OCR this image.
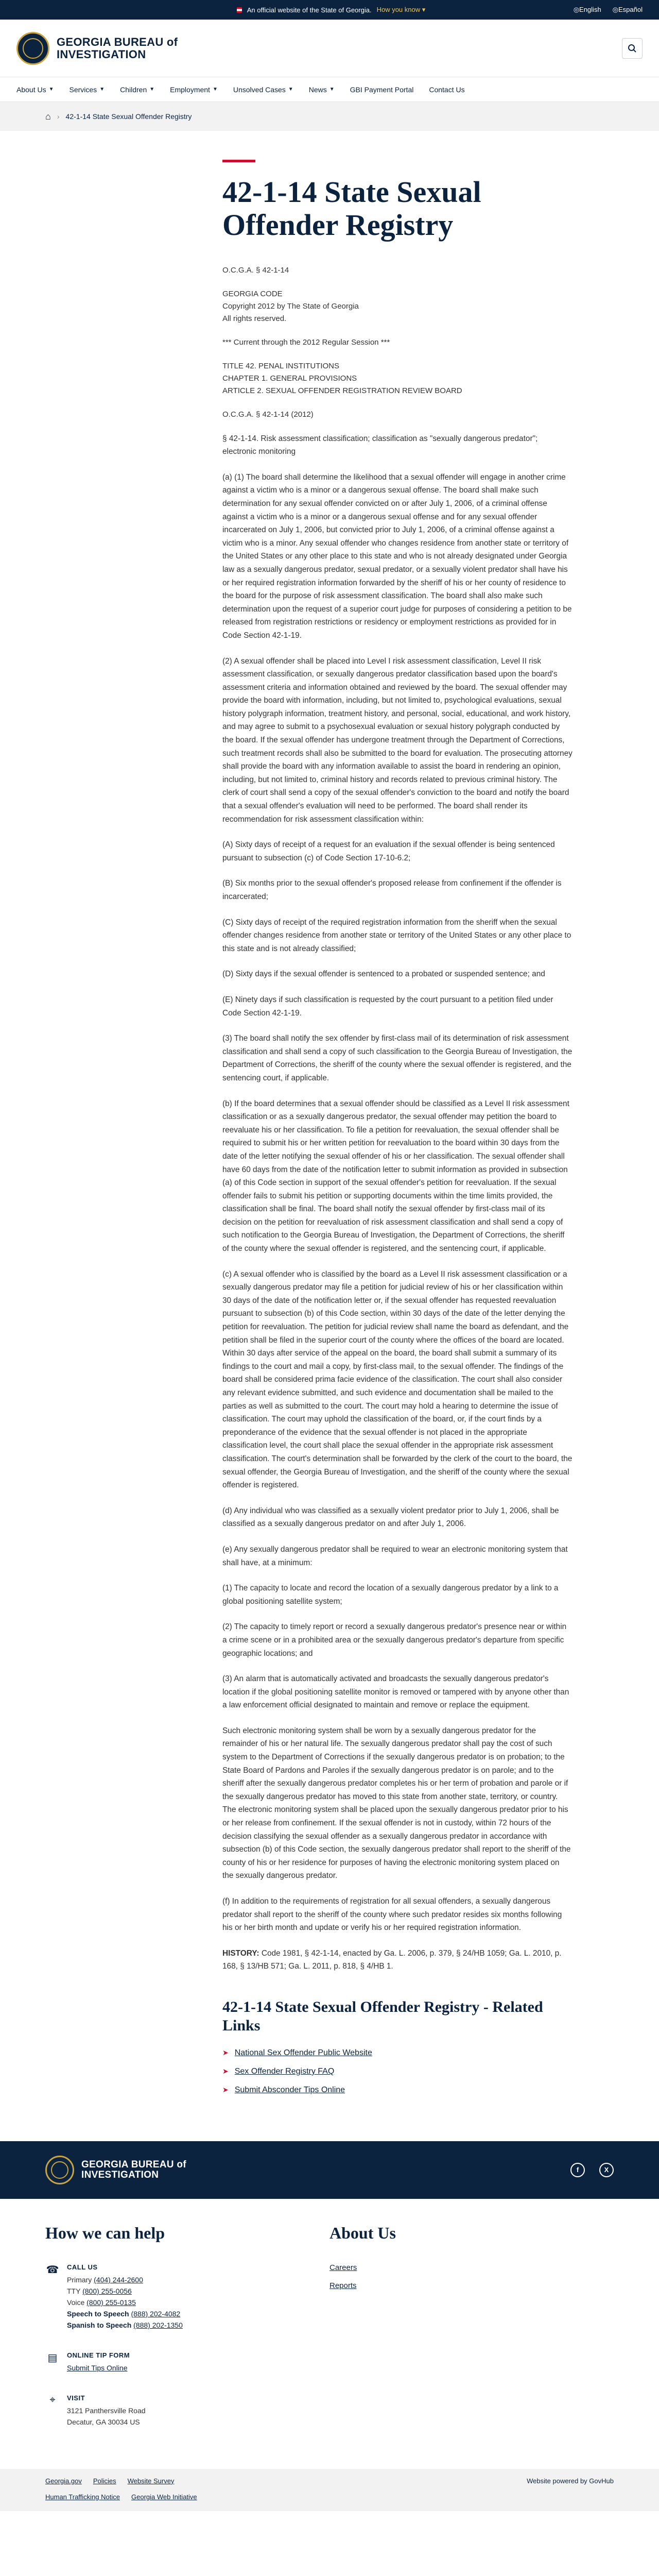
An official website of the State of Georgia. How you know ▾	◎English ◎Español
GEORGIA BUREAU of
INVESTIGATION
About Us ▼ Services ▼ Children ▼ Employment ▼ Unsolved Cases ▼ News ▼ GBI Payment Portal Contact Us
⌂ › 42-1-14 State Sexual Offender Registry
42-1-14 State Sexual Offender Registry

O.C.G.A. § 42-1-14

GEORGIA CODE

Copyright 2012 by The State of Georgia

All rights reserved.

*** Current through the 2012 Regular Session ***

TITLE 42. PENAL INSTITUTIONS

CHAPTER 1. GENERAL PROVISIONS

ARTICLE 2. SEXUAL OFFENDER REGISTRATION REVIEW BOARD

O.C.G.A. § 42-1-14 (2012)

§ 42-1-14. Risk assessment classification; classification as "sexually dangerous predator"; electronic monitoring

(a) (1) The board shall determine the likelihood that a sexual offender will engage in another crime against a victim who is a minor or a dangerous sexual offense. The board shall make such determination for any sexual offender convicted on or after July 1, 2006, of a criminal offense against a victim who is a minor or a dangerous sexual offense and for any sexual offender incarcerated on July 1, 2006, but convicted prior to July 1, 2006, of a criminal offense against a victim who is a minor. Any sexual offender who changes residence from another state or territory of the United States or any other place to this state and who is not already designated under Georgia law as a sexually dangerous predator, sexual predator, or a sexually violent predator shall have his or her required registration information forwarded by the sheriff of his or her county of residence to the board for the purpose of risk assessment classification. The board shall also make such determination upon the request of a superior court judge for purposes of considering a petition to be released from registration restrictions or residency or employment restrictions as provided for in Code Section 42-1-19.

(2) A sexual offender shall be placed into Level I risk assessment classification, Level II risk assessment classification, or sexually dangerous predator classification based upon the board's assessment criteria and information obtained and reviewed by the board. The sexual offender may provide the board with information, including, but not limited to, psychological evaluations, sexual history polygraph information, treatment history, and personal, social, educational, and work history, and may agree to submit to a psychosexual evaluation or sexual history polygraph conducted by the board. If the sexual offender has undergone treatment through the Department of Corrections, such treatment records shall also be submitted to the board for evaluation. The prosecuting attorney shall provide the board with any information available to assist the board in rendering an opinion, including, but not limited to, criminal history and records related to previous criminal history. The clerk of court shall send a copy of the sexual offender's conviction to the board and notify the board that a sexual offender's evaluation will need to be performed. The board shall render its recommendation for risk assessment classification within:

(A) Sixty days of receipt of a request for an evaluation if the sexual offender is being sentenced pursuant to subsection (c) of Code Section 17-10-6.2;

(B) Six months prior to the sexual offender's proposed release from confinement if the offender is incarcerated;

(C) Sixty days of receipt of the required registration information from the sheriff when the sexual offender changes residence from another state or territory of the United States or any other place to this state and is not already classified;

(D) Sixty days if the sexual offender is sentenced to a probated or suspended sentence; and

(E) Ninety days if such classification is requested by the court pursuant to a petition filed under Code Section 42-1-19.

(3) The board shall notify the sex offender by first-class mail of its determination of risk assessment classification and shall send a copy of such classification to the Georgia Bureau of Investigation, the Department of Corrections, the sheriff of the county where the sexual offender is registered, and the sentencing court, if applicable.

(b) If the board determines that a sexual offender should be classified as a Level II risk assessment classification or as a sexually dangerous predator, the sexual offender may petition the board to reevaluate his or her classification. To file a petition for reevaluation, the sexual offender shall be required to submit his or her written petition for reevaluation to the board within 30 days from the date of the letter notifying the sexual offender of his or her classification. The sexual offender shall have 60 days from the date of the notification letter to submit information as provided in subsection (a) of this Code section in support of the sexual offender's petition for reevaluation. If the sexual offender fails to submit his petition or supporting documents within the time limits provided, the classification shall be final. The board shall notify the sexual offender by first-class mail of its decision on the petition for reevaluation of risk assessment classification and shall send a copy of such notification to the Georgia Bureau of Investigation, the Department of Corrections, the sheriff of the county where the sexual offender is registered, and the sentencing court, if applicable.

(c) A sexual offender who is classified by the board as a Level II risk assessment classification or a sexually dangerous predator may file a petition for judicial review of his or her classification within 30 days of the date of the notification letter or, if the sexual offender has requested reevaluation pursuant to subsection (b) of this Code section, within 30 days of the date of the letter denying the petition for reevaluation. The petition for judicial review shall name the board as defendant, and the petition shall be filed in the superior court of the county where the offices of the board are located. Within 30 days after service of the appeal on the board, the board shall submit a summary of its findings to the court and mail a copy, by first-class mail, to the sexual offender. The findings of the board shall be considered prima facie evidence of the classification. The court shall also consider any relevant evidence submitted, and such evidence and documentation shall be mailed to the parties as well as submitted to the court. The court may hold a hearing to determine the issue of classification. The court may uphold the classification of the board, or, if the court finds by a preponderance of the evidence that the sexual offender is not placed in the appropriate classification level, the court shall place the sexual offender in the appropriate risk assessment classification. The court's determination shall be forwarded by the clerk of the court to the board, the sexual offender, the Georgia Bureau of Investigation, and the sheriff of the county where the sexual offender is registered.

(d) Any individual who was classified as a sexually violent predator prior to July 1, 2006, shall be classified as a sexually dangerous predator on and after July 1, 2006.

(e) Any sexually dangerous predator shall be required to wear an electronic monitoring system that shall have, at a minimum:

(1) The capacity to locate and record the location of a sexually dangerous predator by a link to a global positioning satellite system;

(2) The capacity to timely report or record a sexually dangerous predator's presence near or within a crime scene or in a prohibited area or the sexually dangerous predator's departure from specific geographic locations; and

(3) An alarm that is automatically activated and broadcasts the sexually dangerous predator's location if the global positioning satellite monitor is removed or tampered with by anyone other than a law enforcement official designated to maintain and remove or replace the equipment.

Such electronic monitoring system shall be worn by a sexually dangerous predator for the remainder of his or her natural life. The sexually dangerous predator shall pay the cost of such system to the Department of Corrections if the sexually dangerous predator is on probation; to the State Board of Pardons and Paroles if the sexually dangerous predator is on parole; and to the sheriff after the sexually dangerous predator completes his or her term of probation and parole or if the sexually dangerous predator has moved to this state from another state, territory, or country. The electronic monitoring system shall be placed upon the sexually dangerous predator prior to his or her release from confinement. If the sexual offender is not in custody, within 72 hours of the decision classifying the sexual offender as a sexually dangerous predator in accordance with subsection (b) of this Code section, the sexually dangerous predator shall report to the sheriff of the county of his or her residence for purposes of having the electronic monitoring system placed on the sexually dangerous predator.

(f) In addition to the requirements of registration for all sexual offenders, a sexually dangerous predator shall report to the sheriff of the county where such predator resides six months following his or her birth month and update or verify his or her required registration information.

HISTORY: Code 1981, § 42-1-14, enacted by Ga. L. 2006, p. 379, § 24/HB 1059; Ga. L. 2010, p. 168, § 13/HB 571; Ga. L. 2011, p. 818, § 4/HB 1.
42-1-14 State Sexual Offender Registry - Related Links
➤ National Sex Offender Public Website
➤ Sex Offender Registry FAQ
➤ Submit Absconder Tips Online
GEORGIA BUREAU of
INVESTIGATION	f	X
How we can help
☎ CALL US
Primary (404) 244-2600
TTY (800) 255-0056
Voice (800) 255-0135
Speech to Speech (888) 202-4082
Spanish to Speech (888) 202-1350
▤	ONLINE TIP FORM
Submit Tips Online
⌖	VISIT
3121 Panthersville Road
Decatur, GA 30034 US
About Us
Careers
Reports
Georgia.gov Policies Website Survey	Website powered by GovHub
Human Trafficking Notice Georgia Web Initiative
